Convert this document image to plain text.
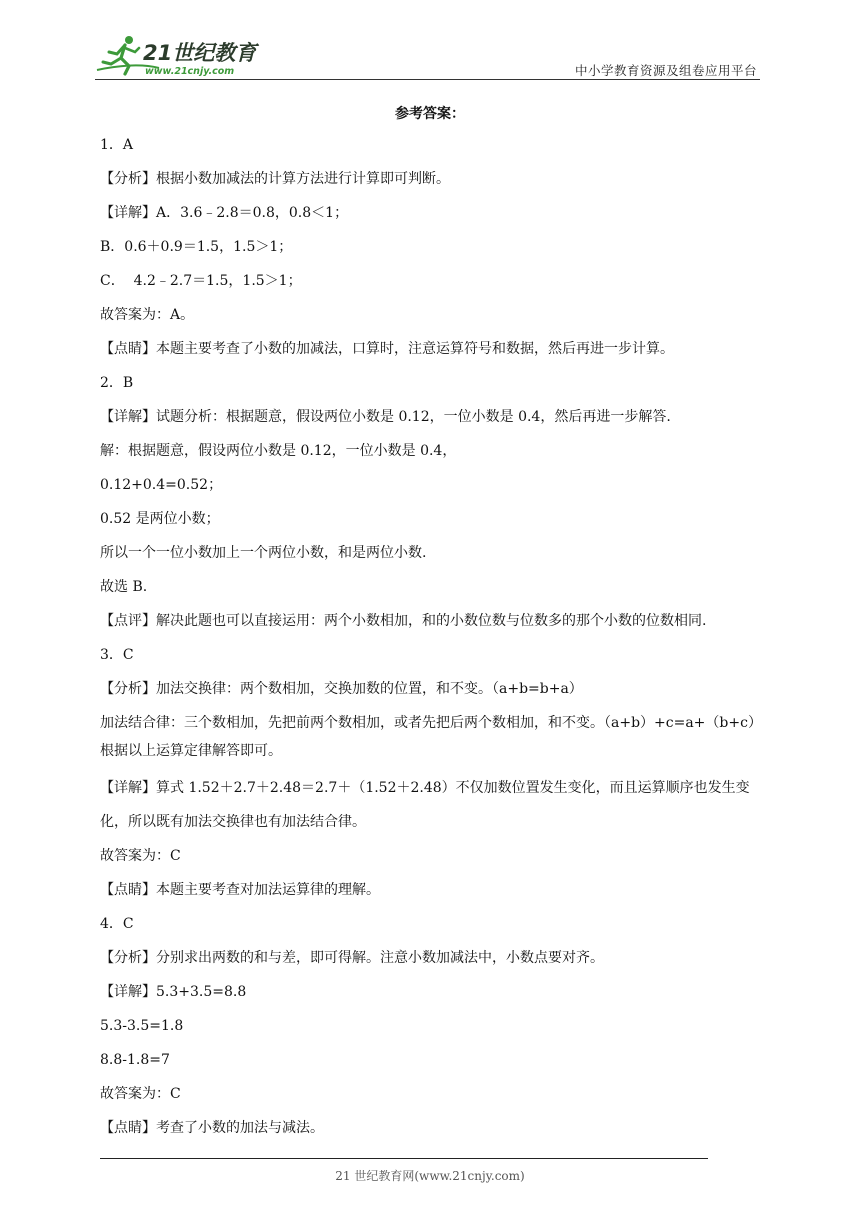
21世纪教育
www.21cnjy.com	中小学教育资源及组卷应用平台
参考答案：
1．A
【分析】根据小数加减法的计算方法进行计算即可判断。
【详解】A．3.6﹣2.8＝0.8，0.8＜1；
B．0.6＋0.9＝1.5，1.5＞1；
C．  4.2﹣2.7＝1.5，1.5＞1；
故答案为：A。
【点睛】本题主要考查了小数的加减法，口算时，注意运算符号和数据，然后再进一步计算。
2．B
【详解】试题分析：根据题意，假设两位小数是 0.12，一位小数是 0.4，然后再进一步解答.
解：根据题意，假设两位小数是 0.12，一位小数是 0.4，
0.12+0.4=0.52；
0.52 是两位小数；
所以一个一位小数加上一个两位小数，和是两位小数.
故选 B.
【点评】解决此题也可以直接运用：两个小数相加，和的小数位数与位数多的那个小数的位数相同.
3．C
【分析】加法交换律：两个数相加，交换加数的位置，和不变。（a+b=b+a）
加法结合律：三个数相加，先把前两个数相加，或者先把后两个数相加，和不变。（a+b）+c=a+（b+c）
根据以上运算定律解答即可。
【详解】算式 1.52＋2.7＋2.48＝2.7＋（1.52＋2.48）不仅加数位置发生变化，而且运算顺序也发生变
化，所以既有加法交换律也有加法结合律。
故答案为：C
【点睛】本题主要考查对加法运算律的理解。
4．C
【分析】分别求出两数的和与差，即可得解。注意小数加减法中，小数点要对齐。
【详解】5.3+3.5=8.8
5.3-3.5=1.8
8.8-1.8=7
故答案为：C
【点睛】考查了小数的加法与减法。
21 世纪教育网(www.21cnjy.com)
